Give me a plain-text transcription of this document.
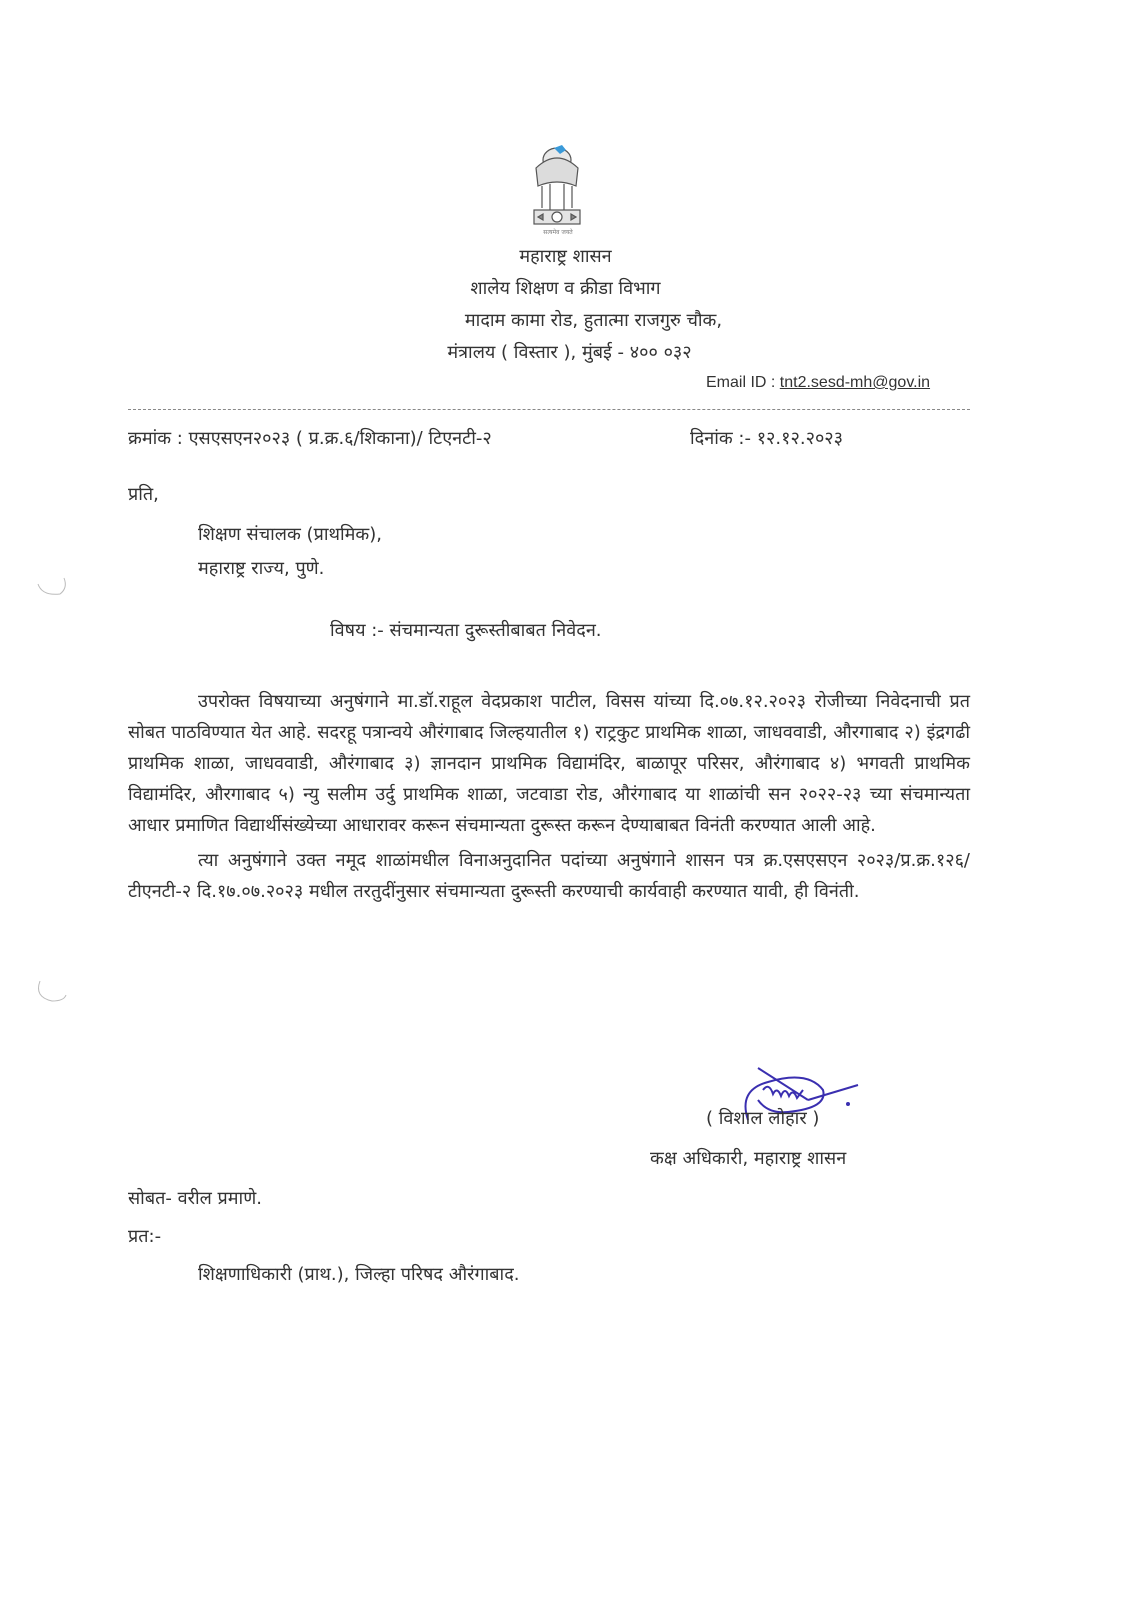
सत्यमेव जयते
महाराष्ट्र शासन
शालेय शिक्षण व क्रीडा विभाग
मादाम कामा रोड, हुतात्मा राजगुरु चौक,
मंत्रालय ( विस्तार ), मुंबई - ४०० ०३२
Email ID : tnt2.sesd-mh@gov.in
क्रमांक : एसएसएन२०२३ ( प्र.क्र.६/शिकाना)/ टिएनटी-२	दिनांक :- १२.१२.२०२३
प्रति,
शिक्षण संचालक (प्राथमिक),
महाराष्ट्र राज्य, पुणे.
विषय :- संचमान्यता दुरूस्तीबाबत निवेदन.

उपरोक्त विषयाच्या अनुषंगाने मा.डॉ.राहूल वेदप्रकाश पाटील, विसस यांच्या दि.०७.१२.२०२३ रोजीच्या निवेदनाची प्रत सोबत पाठविण्यात येत आहे. सदरहू पत्रान्वये औरंगाबाद जिल्हयातील १) राट्रकुट प्राथमिक शाळा, जाधववाडी, औरगाबाद २) इंद्रगढी प्राथमिक शाळा, जाधववाडी, औरंगाबाद ३) ज्ञानदान प्राथमिक विद्यामंदिर, बाळापूर परिसर, औरंगाबाद ४) भगवती प्राथमिक विद्यामंदिर, औरगाबाद ५) न्यु सलीम उर्दु प्राथमिक शाळा, जटवाडा रोड, औरंगाबाद या शाळांची सन २०२२-२३ च्या संचमान्यता आधार प्रमाणित विद्यार्थीसंख्येच्या आधारावर करून संचमान्यता दुरूस्त करून देण्याबाबत विनंती करण्यात आली आहे.

त्या अनुषंगाने उक्त नमूद शाळांमधील विनाअनुदानित पदांच्या अनुषंगाने शासन पत्र क्र.एसएसएन २०२३/प्र.क्र.१२६/टीएनटी-२ दि.१७.०७.२०२३ मधील तरतुदींनुसार संचमान्यता दुरूस्ती करण्याची कार्यवाही करण्यात यावी, ही विनंती.

( विशाल लोहार )
कक्ष अधिकारी, महाराष्ट्र शासन
सोबत- वरील प्रमाणे.
प्रत:-
शिक्षणाधिकारी (प्राथ.), जिल्हा परिषद औरंगाबाद.
